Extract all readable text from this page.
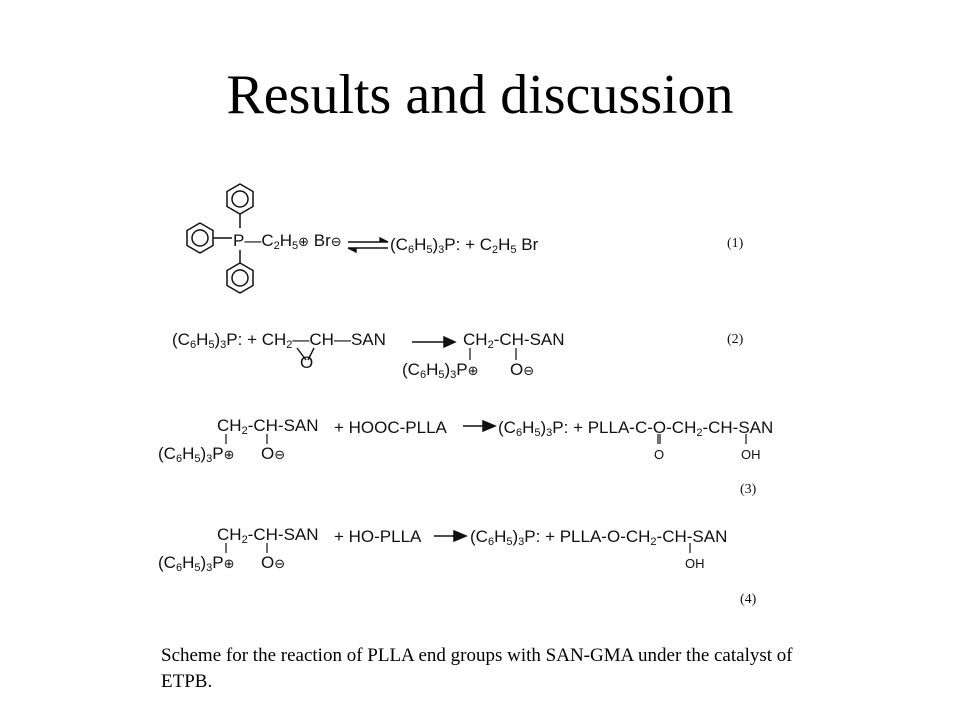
Results and discussion
$P—C_2H_5\oplus$ Br⊖	$(C_6H_5)_3P$: + $C_2H_5$ Br	(1)
$(C_6H_5)_3P$: + $CH_2—CH—SAN$
O
$CH_2-CH$-SAN
$(C_6H_5)_3P\oplus$ O⊖
(2)
$CH_2-CH$-SAN + HOOC-PLLA	$(C_6H_5)_3P$: + PLLA-$C-O-CH_2-CH$-SAN
$(C_6H_5)_3P\oplus$ O⊖	O	OH
(3)
$CH_2-CH$-SAN + HO-PLLA	$(C_6H_5)_3P$: + PLLA-$O-CH_2-CH$-SAN
$(C_6H_5)_3P\oplus$ O⊖	OH
(4)
Scheme for the reaction of PLLA end groups with SAN-GMA under the catalyst of ETPB.
